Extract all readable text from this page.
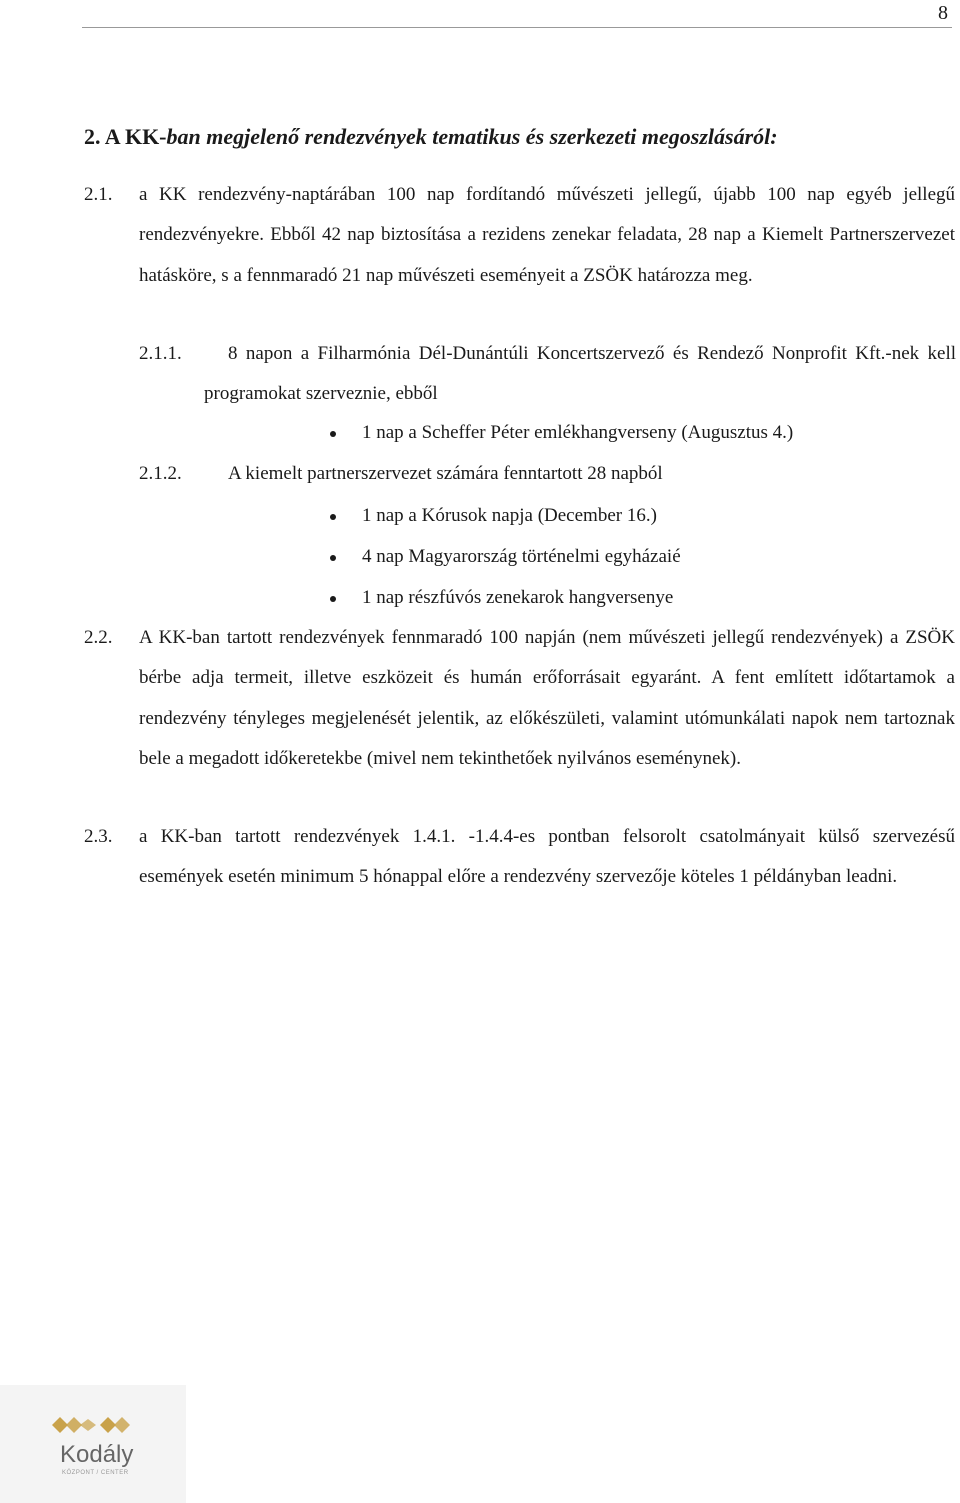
8
2. A KK-ban megjelenő rendezvények tematikus és szerkezeti megoszlásáról:
2.1. a KK rendezvény-naptárában 100 nap fordítandó művészeti jellegű, újabb 100 nap egyéb jellegű rendezvényekre. Ebből 42 nap biztosítása a rezidens zenekar feladata, 28 nap a Kiemelt Partnerszervezet hatásköre, s a fennmaradó 21 nap művészeti eseményeit a ZSÖK határozza meg.
2.1.1.	8 napon a Filharmónia Dél-Dunántúli Koncertszervező és Rendező Nonprofit Kft.-nek kell programokat szerveznie, ebből
1 nap a Scheffer Péter emlékhangverseny (Augusztus 4.)
2.1.2. A kiemelt partnerszervezet számára fenntartott 28 napból
1 nap a Kórusok napja (December 16.)
4 nap Magyarország történelmi egyházaié
1 nap részfúvós zenekarok hangversenye
2.2. A KK-ban tartott rendezvények fennmaradó 100 napján (nem művészeti jellegű rendezvények) a ZSÖK bérbe adja termeit, illetve eszközeit és humán erőforrásait egyaránt. A fent említett időtartamok a rendezvény tényleges megjelenését jelentik, az előkészületi, valamint utómunkálati napok nem tartoznak bele a megadott időkeretekbe (mivel nem tekinthetőek nyilvános eseménynek).
2.3. a KK-ban tartott rendezvények 1.4.1. -1.4.4-es pontban felsorolt csatolmányait külső szervezésű események esetén minimum 5 hónappal előre a rendezvény szervezője köteles 1 példányban leadni.
Kodály
KÖZPONT / CENTER
